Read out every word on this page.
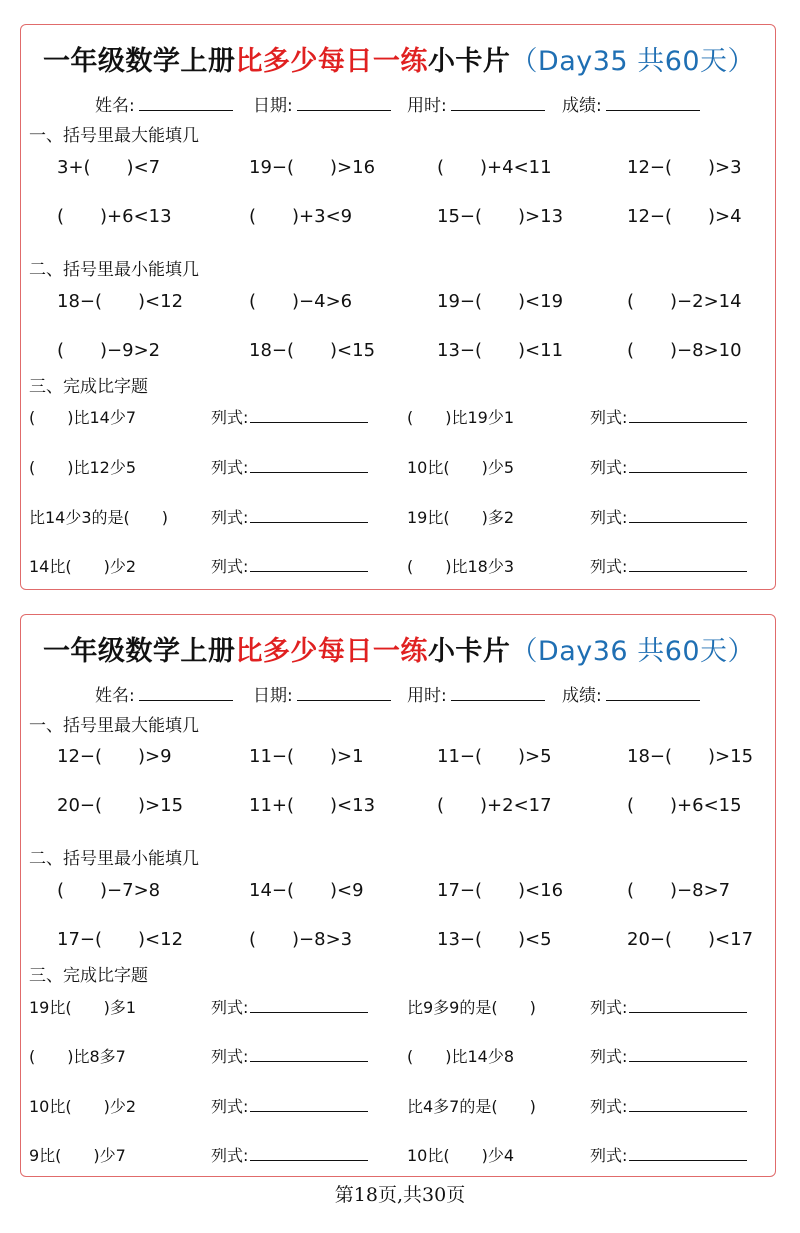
一年级数学上册比多少每日一练小卡片（Day35 共60天）
姓名:	日期:	用时:	成绩:
一、括号里最大能填几
3+(　　)<7	19−(　　)>16	(　　)+4<11	12−(　　)>3
(　　)+6<13	(　　)+3<9	15−(　　)>13	12−(　　)>4
二、括号里最小能填几
18−(　　)<12	(　　)−4>6	19−(　　)<19	(　　)−2>14
(　　)−9>2	18−(　　)<15	13−(　　)<11	(　　)−8>10
三、完成比字题
(　　)比14少7	列式:	(　　)比19少1	列式:
(　　)比12少5	列式:	10比(　　)少5	列式:
比14少3的是(　　)	列式:	19比(　　)多2	列式:
14比(　　)少2	列式:	(　　)比18少3	列式:
一年级数学上册比多少每日一练小卡片（Day36 共60天）
姓名:	日期:	用时:	成绩:
一、括号里最大能填几
12−(　　)>9	11−(　　)>1	11−(　　)>5	18−(　　)>15
20−(　　)>15	11+(　　)<13	(　　)+2<17	(　　)+6<15
二、括号里最小能填几
(　　)−7>8	14−(　　)<9	17−(　　)<16	(　　)−8>7
17−(　　)<12	(　　)−8>3	13−(　　)<5	20−(　　)<17
三、完成比字题
19比(　　)多1	列式:	比9多9的是(　　)	列式:
(　　)比8多7	列式:	(　　)比14少8	列式:
10比(　　)少2	列式:	比4多7的是(　　)	列式:
9比(　　)少7	列式:	10比(　　)少4	列式:
第18页,共30页
